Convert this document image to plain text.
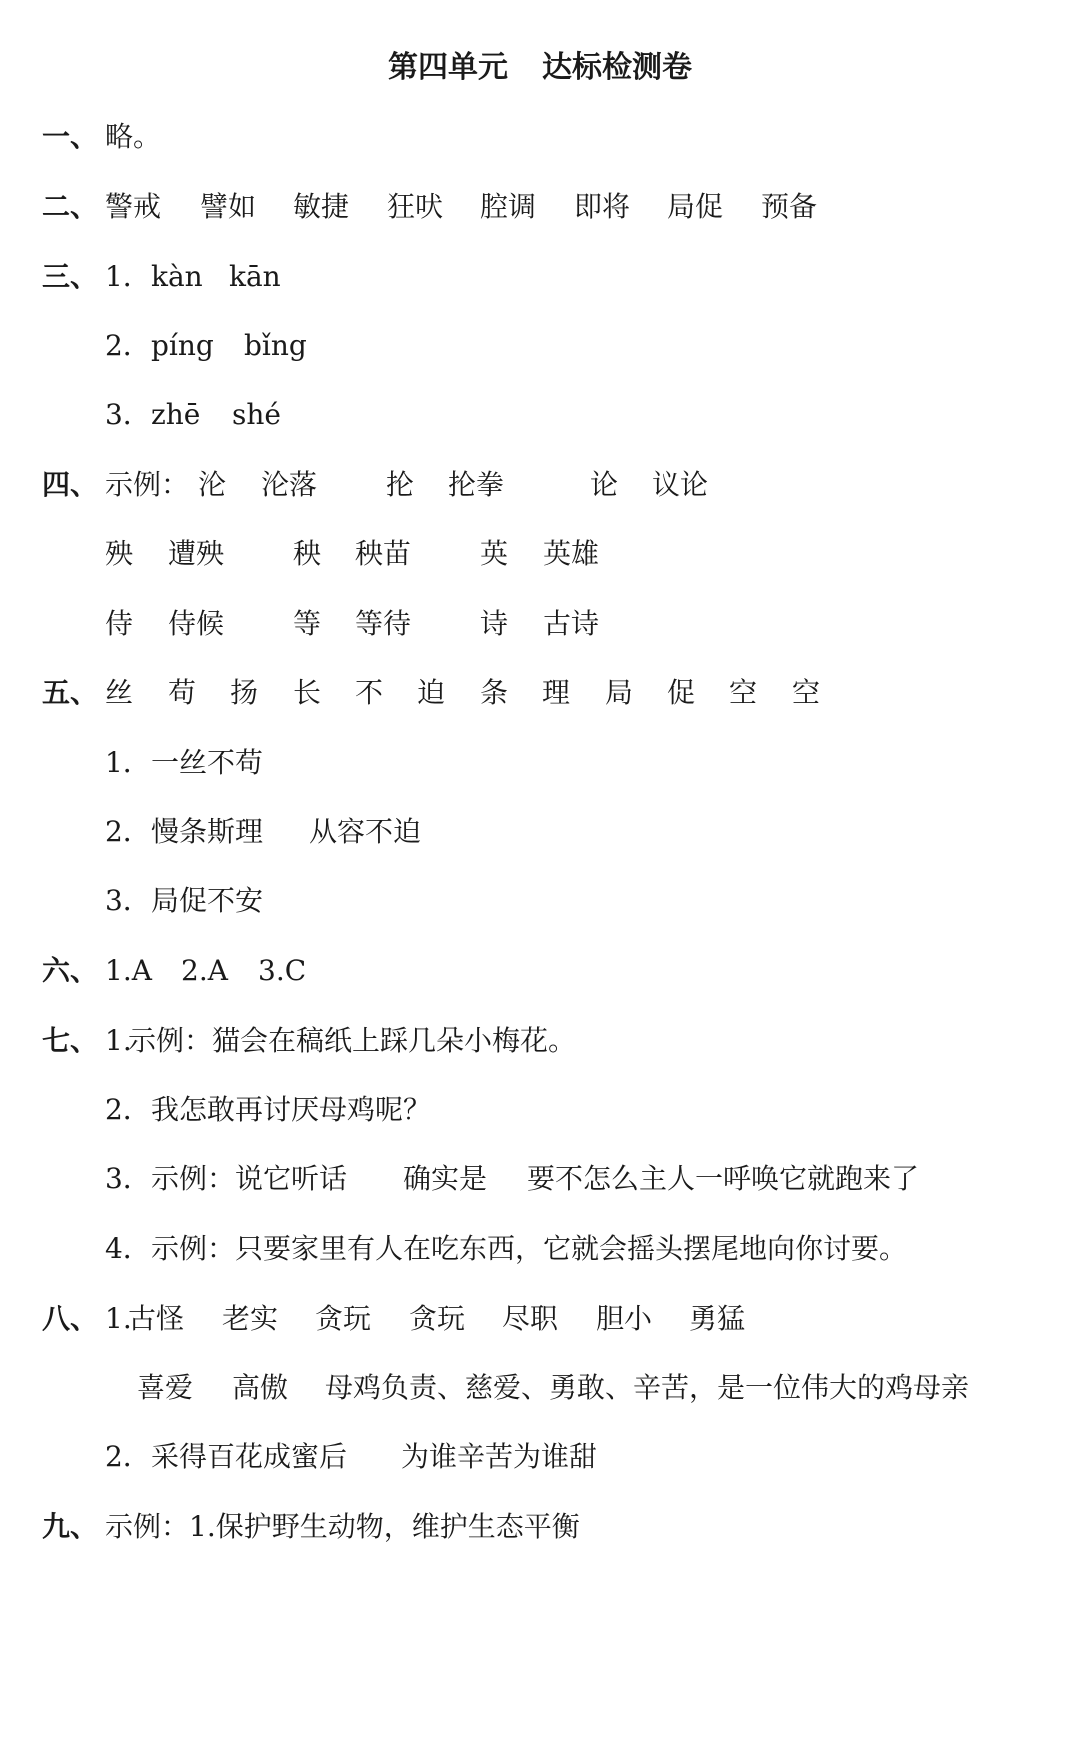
第四单元 达标检测卷

一、

略。

二、

警戒

譬如

敏捷

狂吠

腔调

即将

局促

预备

三、

1．

kàn

kān

2．

píng

bǐng

3．

zhē

shé

四、

示例：

沦

沦落

抡

抡拳

	论

议论

殃

遭殃

秧

秧苗

英

英雄

侍

侍候

等

等待

诗

古诗

五、

丝

苟

扬

长

不

迫

条

理

局

促

空

空

1．

一丝不苟

2．

慢条斯理

从容不迫

3．

局促不安

六、

1.A

2.A

3.C

七、

1.

示例：猫会在稿纸上踩几朵小梅花。

2．

我怎敢再讨厌母鸡呢？

3．

示例：说它听话

确实是

要不怎么主人一呼唤它就跑来了

4．

示例：只要家里有人在吃东西，它就会摇头摆尾地向你讨要。

八、

1.

古怪

老实

贪玩

贪玩

尽职

胆小

勇猛

喜爱

高傲

母鸡负责、慈爱、勇敢、辛苦，是一位伟大的鸡母亲

2．

采得百花成蜜后

为谁辛苦为谁甜

九、

示例：1.保护野生动物，维护生态平衡
